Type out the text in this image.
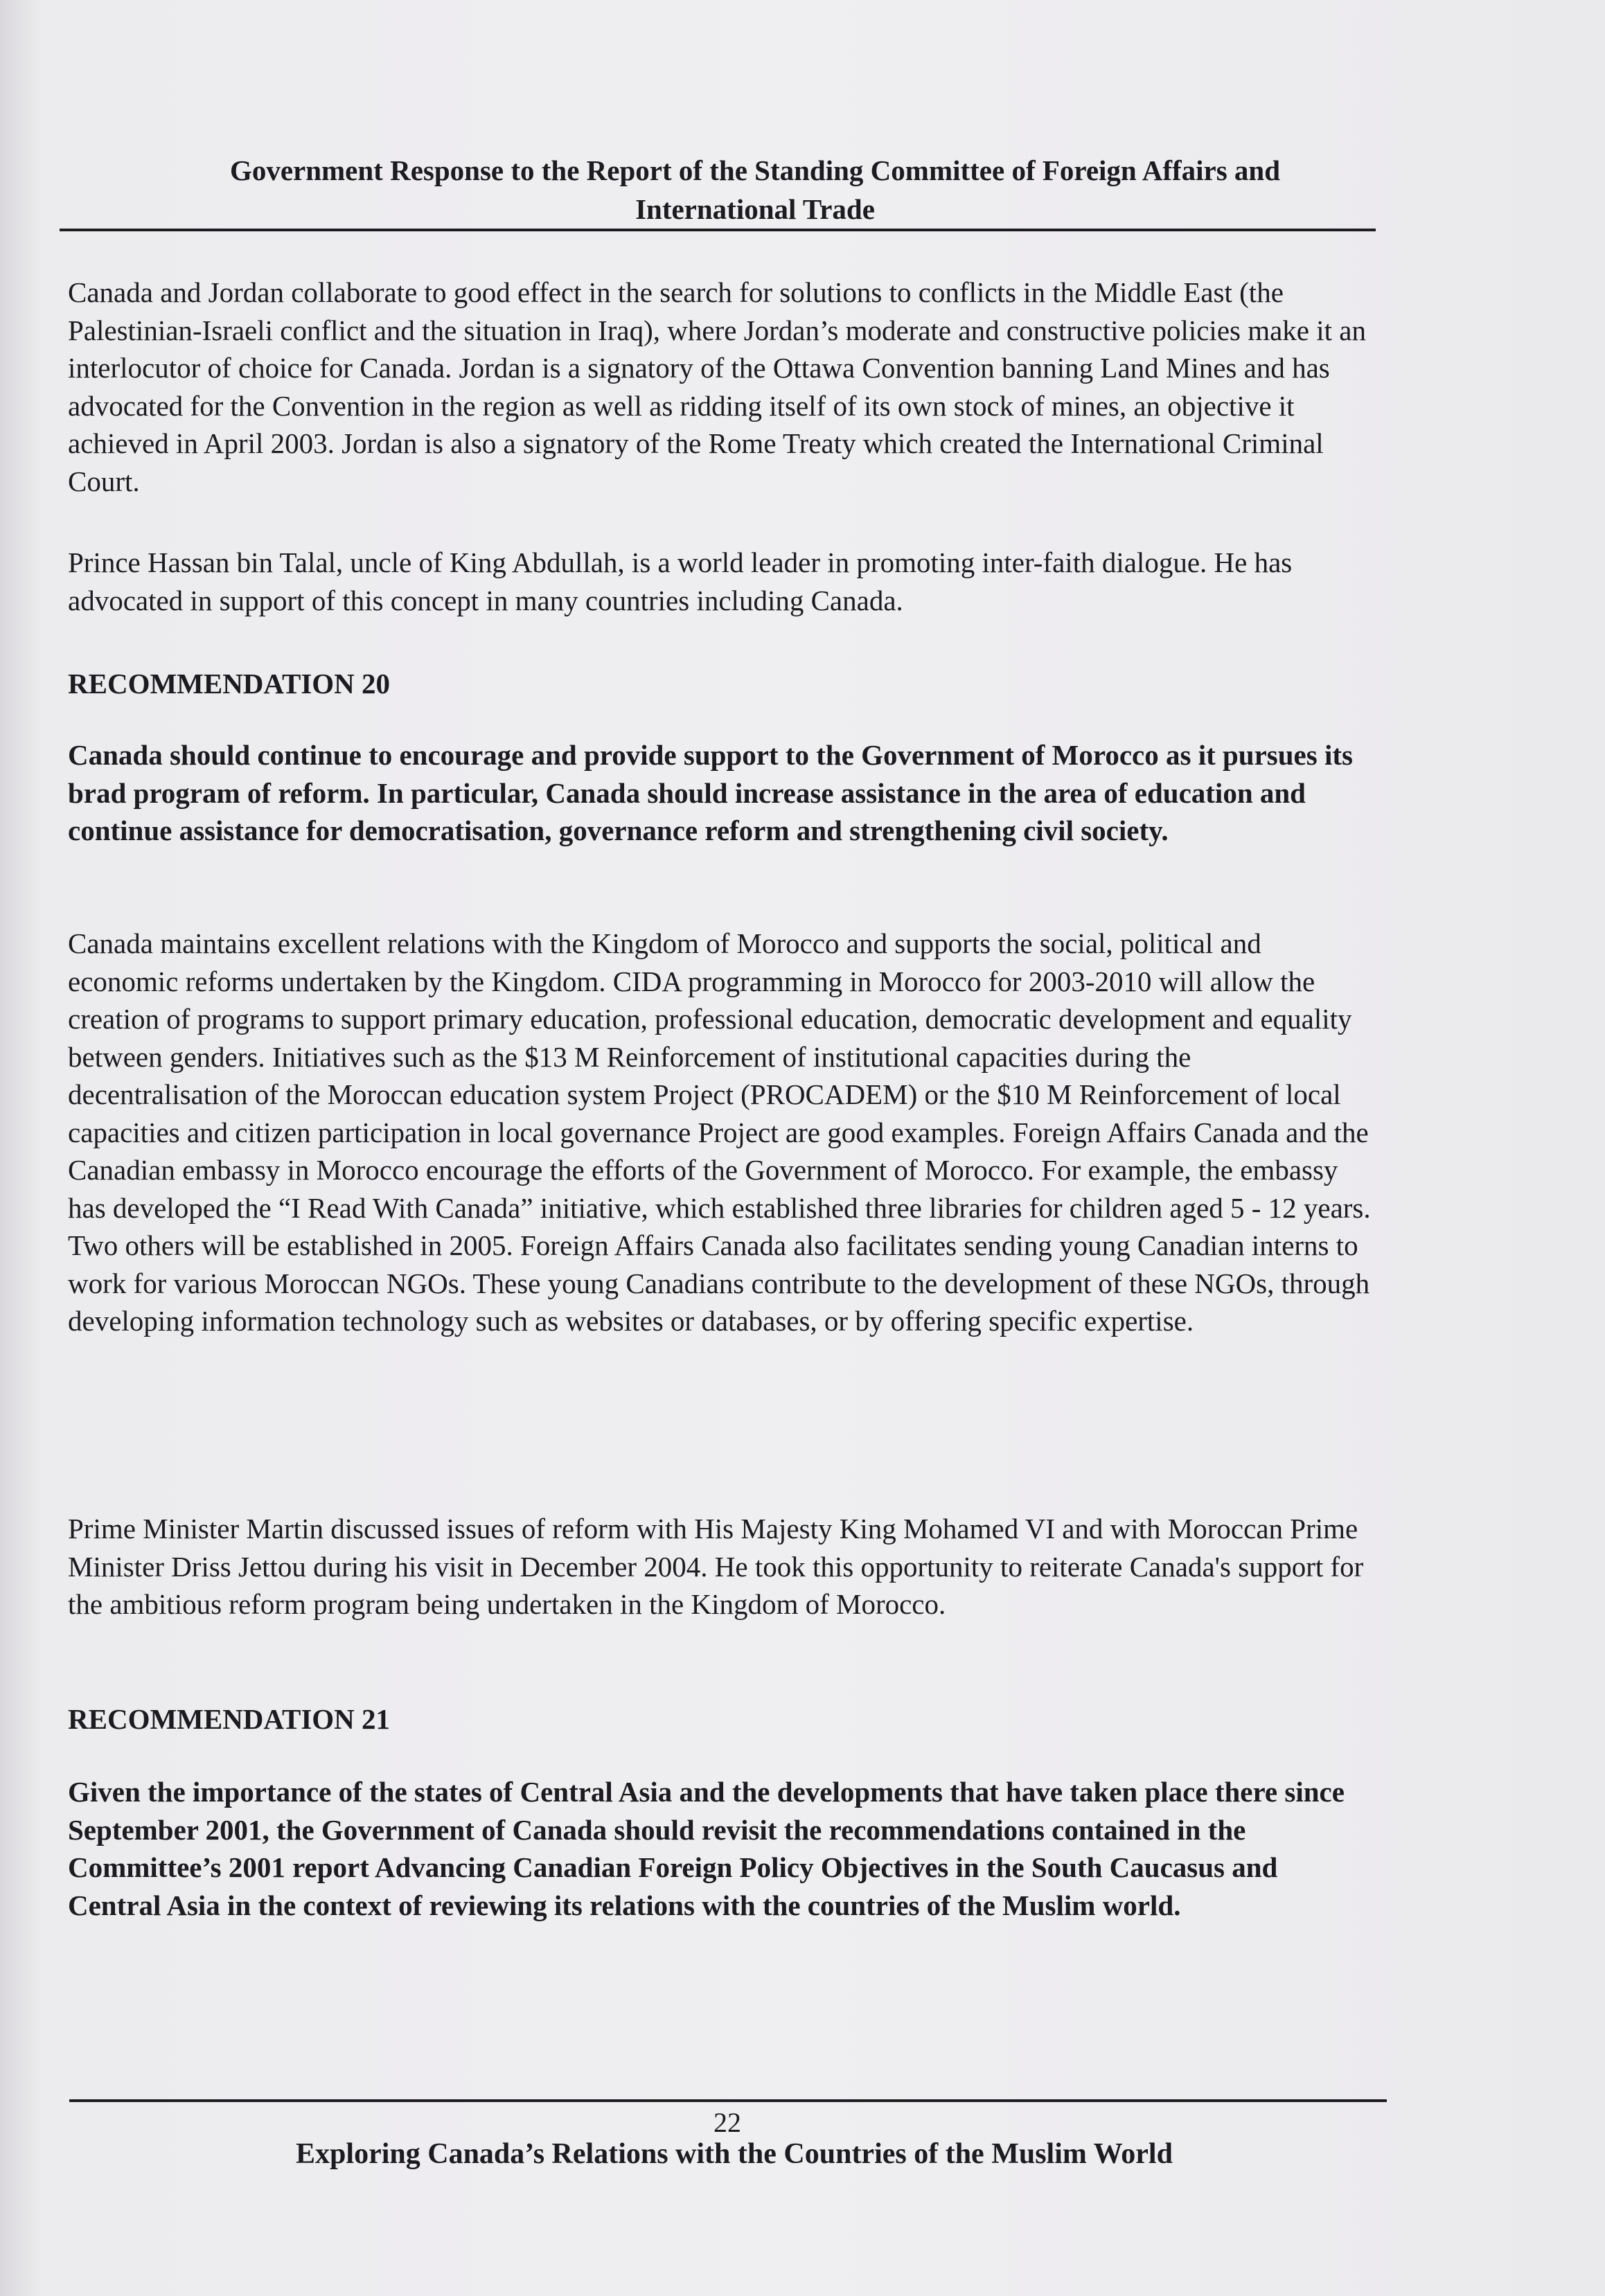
Government Response to the Report of the Standing Committee of Foreign Affairs and
International Trade

Canada and Jordan collaborate to good effect in the search for solutions to conflicts in the Middle East (the Palestinian-Israeli conflict and the situation in Iraq), where Jordan’s moderate and constructive policies make it an interlocutor of choice for Canada. Jordan is a signatory of the Ottawa Convention banning Land Mines and has advocated for the Convention in the region as well as ridding itself of its own stock of mines, an objective it achieved in April 2003. Jordan is also a signatory of the Rome Treaty which created the International Criminal Court.

Prince Hassan bin Talal, uncle of King Abdullah, is a world leader in promoting inter-faith dialogue. He has advocated in support of this concept in many countries including Canada.

RECOMMENDATION 20

Canada should continue to encourage and provide support to the Government of Morocco as it pursues its brad program of reform. In particular, Canada should increase assistance in the area of education and continue assistance for democratisation, governance reform and strengthening civil society.

Canada maintains excellent relations with the Kingdom of Morocco and supports the social, political and economic reforms undertaken by the Kingdom. CIDA programming in Morocco for 2003-2010 will allow the creation of programs to support primary education, professional education, democratic development and equality between genders. Initiatives such as the $13 M Reinforcement of institutional capacities during the decentralisation of the Moroccan education system Project (PROCADEM) or the $10 M Reinforcement of local capacities and citizen participation in local governance Project are good examples. Foreign Affairs Canada and the Canadian embassy in Morocco encourage the efforts of the Government of Morocco. For example, the embassy has developed the “I Read With Canada” initiative, which established three libraries for children aged 5 - 12 years. Two others will be established in 2005. Foreign Affairs Canada also facilitates sending young Canadian interns to work for various Moroccan NGOs. These young Canadians contribute to the development of these NGOs, through developing information technology such as websites or databases, or by offering specific expertise.

Prime Minister Martin discussed issues of reform with His Majesty King Mohamed VI and with Moroccan Prime Minister Driss Jettou during his visit in December 2004. He took this opportunity to reiterate Canada's support for the ambitious reform program being undertaken in the Kingdom of Morocco.

RECOMMENDATION 21

Given the importance of the states of Central Asia and the developments that have taken place there since September 2001, the Government of Canada should revisit the recommendations contained in the Committee’s 2001 report Advancing Canadian Foreign Policy Objectives in the South Caucasus and Central Asia in the context of reviewing its relations with the countries of the Muslim world.

22
Exploring Canada’s Relations with the Countries of the Muslim World
